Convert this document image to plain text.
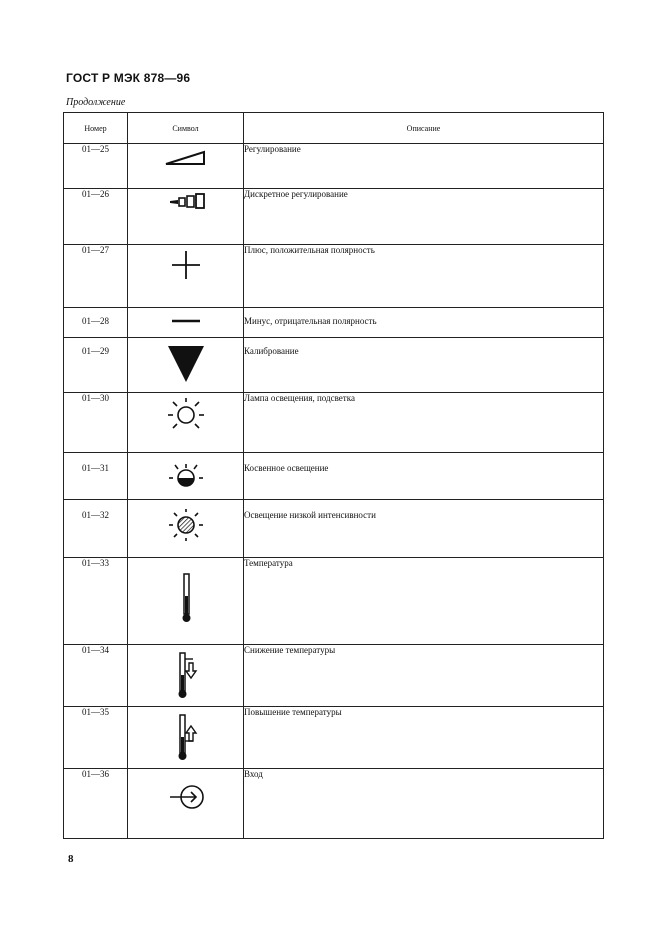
ГОСТ Р МЭК 878—96
Продолжение
Номер	Символ	Описание
01—25		Регулирование
01—26		Дискретное регулирование
01—27		Плюс, положительная полярность
01—28		Минус, отрицательная полярность
01—29		Калибрование
01—30		Лампа освещения, подсветка
01—31		Косвенное освещение
01—32		Освещение низкой интенсивности
01—33		Температура
01—34		Снижение температуры
01—35		Повышение температуры
01—36		Вход
8
